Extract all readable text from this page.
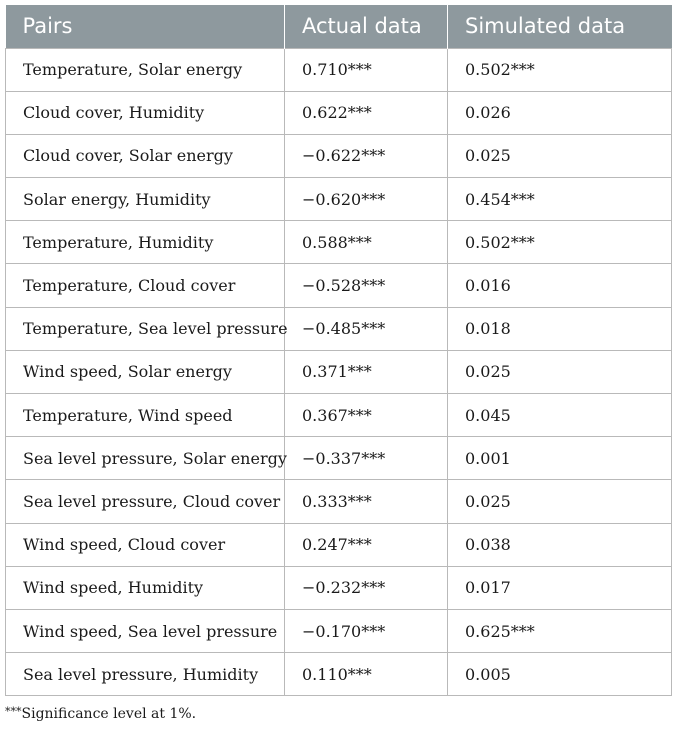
Pairs	Actual data	Simulated data
Temperature, Solar energy	0.710***	0.502***
Cloud cover, Humidity	0.622***	0.026
Cloud cover, Solar energy	−0.622***	0.025
Solar energy, Humidity	−0.620***	0.454***
Temperature, Humidity	0.588***	0.502***
Temperature, Cloud cover	−0.528***	0.016
Temperature, Sea level pressure	−0.485***	0.018
Wind speed, Solar energy	0.371***	0.025
Temperature, Wind speed	0.367***	0.045
Sea level pressure, Solar energy	−0.337***	0.001
Sea level pressure, Cloud cover	0.333***	0.025
Wind speed, Cloud cover	0.247***	0.038
Wind speed, Humidity	−0.232***	0.017
Wind speed, Sea level pressure	−0.170***	0.625***
Sea level pressure, Humidity	0.110***	0.005
***Significance level at 1%.
